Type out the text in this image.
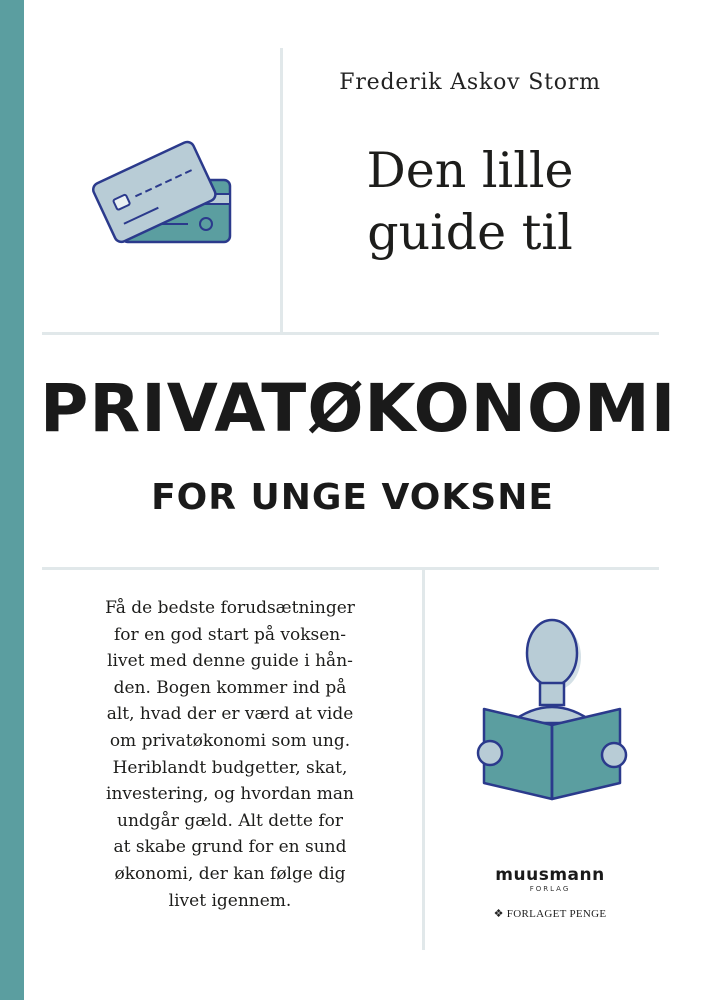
Frederik Askov Storm
Den lille
guide til
PRIVATØKONOMI
FOR UNGE VOKSNE
Få de bedste forudsætninger
for en god start på voksen-
livet med denne guide i hån-
den. Bogen kommer ind på
alt, hvad der er værd at vide
om privatøkonomi som ung.
Heriblandt budgetter, skat,
investering, og hvordan man
undgår gæld. Alt dette for
at skabe grund for en sund
økonomi, der kan følge dig
livet igennem.
muusmann
FORLAG
❖ FORLAGET PENGE
